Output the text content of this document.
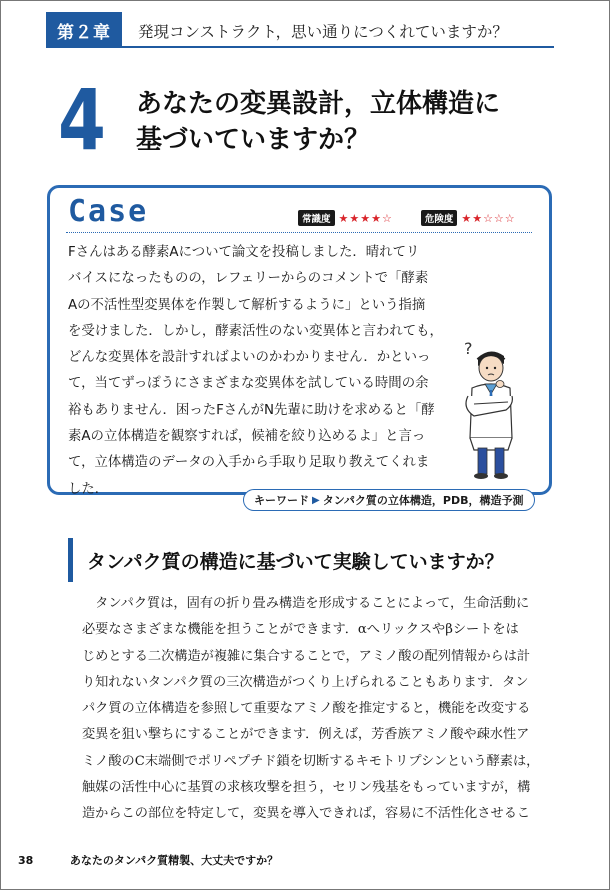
第２章	発現コンストラクト，思い通りにつくれていますか？
4 あなたの変異設計，立体構造に
基づいていますか？
Case	常識度 ★★★★☆	危険度 ★★☆☆☆
Fさんはある酵素Aについて論文を投稿しました．晴れてリ
バイスになったものの，レフェリーからのコメントで「酵素
Aの不活性型変異体を作製して解析するように」という指摘
を受けました．しかし，酵素活性のない変異体と言われても，
どんな変異体を設計すればよいのかわかりません．かといっ
て，当てずっぽうにさまざまな変異体を試している時間の余
裕もありません．困ったFさんがN先輩に助けを求めると「酵
素Aの立体構造を観察すれば，候補を絞り込めるよ」と言っ
て，立体構造のデータの入手から手取り足取り教えてくれま
した．
?
キーワード ▶ タンパク質の立体構造，PDB，構造予測
タンパク質の構造に基づいて実験していますか？
　タンパク質は，固有の折り畳み構造を形成することによって，生命活動に
必要なさまざまな機能を担うことができます．αへリックスやβシートをは
じめとする二次構造が複雑に集合することで，アミノ酸の配列情報からは計
り知れないタンパク質の三次構造がつくり上げられることもあります．タン
パク質の立体構造を参照して重要なアミノ酸を推定すると，機能を改変する
変異を狙い撃ちにすることができます．例えば，芳香族アミノ酸や疎水性ア
ミノ酸のC末端側でポリペプチド鎖を切断するキモトリプシンという酵素は，
触媒の活性中心に基質の求核攻撃を担う，セリン残基をもっていますが，構
造からこの部位を特定して，変異を導入できれば，容易に不活性化させるこ
38	あなたのタンパク質精製、大丈夫ですか？
